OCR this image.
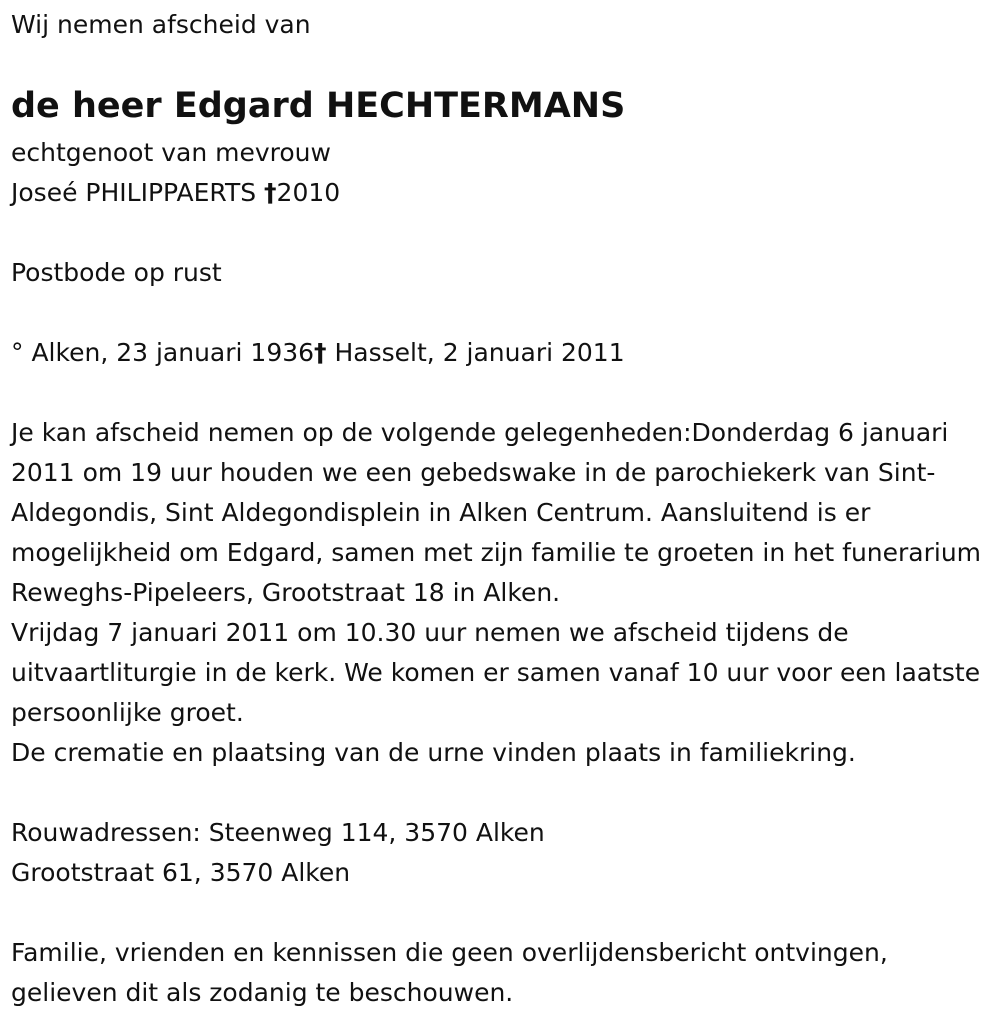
Wij nemen afscheid van
de heer Edgard HECHTERMANS
echtgenoot van mevrouw
Joseé PHILIPPAERTS †2010
Postbode op rust
° Alken, 23 januari 1936† Hasselt, 2 januari 2011

Je kan afscheid nemen op de volgende gelegenheden:Donderdag 6 januari 2011 om 19 uur houden we een gebedswake in de parochiekerk van Sint-Aldegondis, Sint Aldegondisplein in Alken Centrum. Aansluitend is er mogelijkheid om Edgard, samen met zijn familie te groeten in het funerarium Reweghs-Pipeleers, Grootstraat 18 in Alken.

Vrijdag 7 januari 2011 om 10.30 uur nemen we afscheid tijdens de uitvaartliturgie in de kerk. We komen er samen vanaf 10 uur voor een laatste persoonlijke groet.

De crematie en plaatsing van de urne vinden plaats in familiekring.

Rouwadressen: Steenweg 114, 3570 Alken
Grootstraat 61, 3570 Alken
Familie, vrienden en kennissen die geen overlijdensbericht ontvingen,
gelieven dit als zodanig te beschouwen.
